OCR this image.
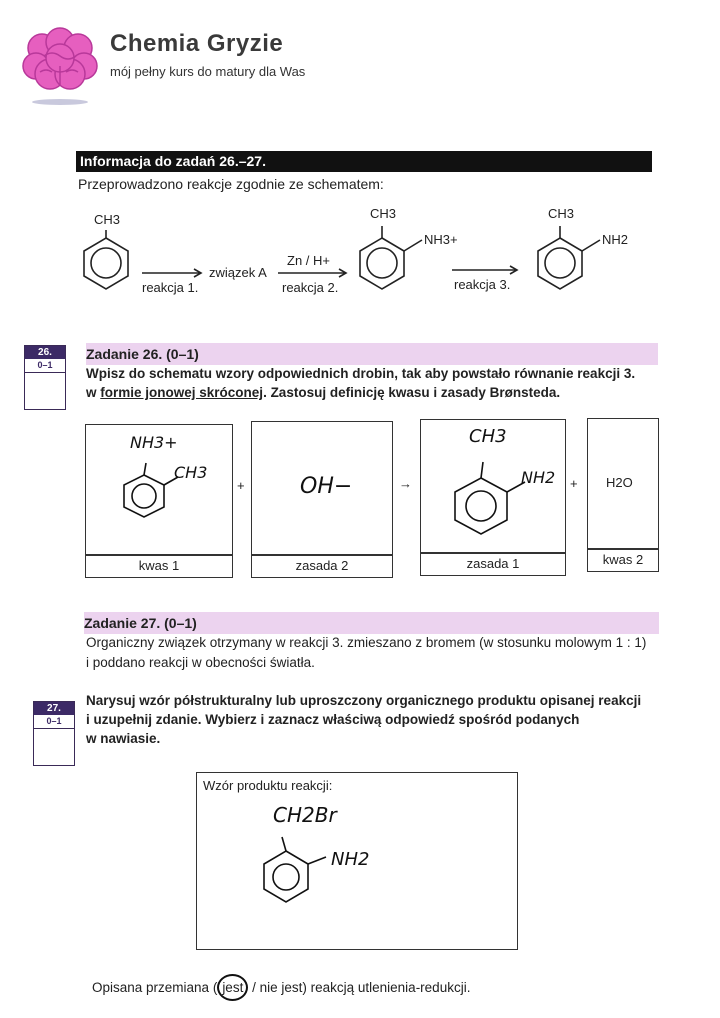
Chemia Gryzie
mój pełny kurs do matury dla Was
Informacja do zadań 26.–27.
Przeprowadzono reakcje zgodnie ze schematem:
CH3
związek A
reakcja 1.
Zn / H+
reakcja 2.
CH3
NH3+
reakcja 3.
CH3
NH2
26.
0–1
Zadanie 26. (0–1)
Wpisz do schematu wzory odpowiednich drobin, tak aby powstało równanie reakcji 3.
w formie jonowej skróconej. Zastosuj definicję kwasu i zasady Brønsteda.
NH3+
CH3
kwas 1
+	OH−
zasada 2
→
CH3
NH2
zasada 1
+ H2O
kwas 2
Zadanie 27. (0–1)
Organiczny związek otrzymany w reakcji 3. zmieszano z bromem (w stosunku molowym 1 : 1)
i poddano reakcji w obecności światła.
27.
0–1
Narysuj wzór półstrukturalny lub uproszczony organicznego produktu opisanej reakcji
i uzupełnij zdanie. Wybierz i zaznacz właściwą odpowiedź spośród podanych
w nawiasie.
Wzór produktu reakcji:
CH2Br
NH2
Opisana przemiana ( jest / nie jest) reakcją utlenienia-redukcji.
